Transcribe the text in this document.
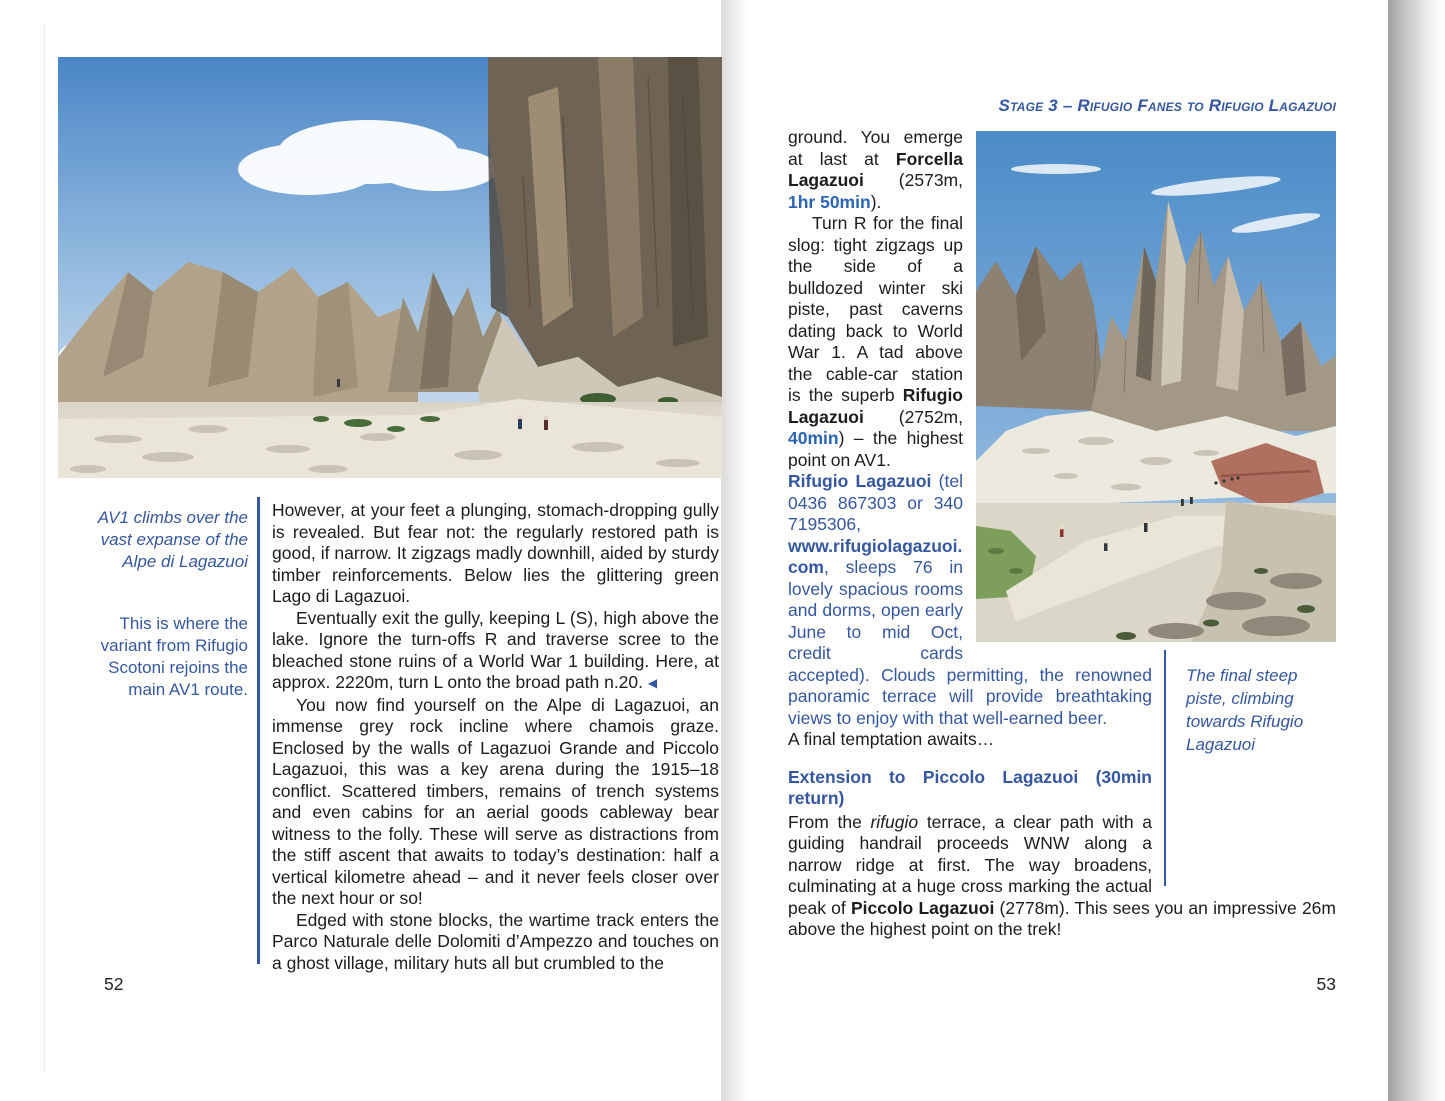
AV1 climbs over the vast expanse of the Alpe di Lagazuoi

This is where the variant from Rifugio Scotoni rejoins the main AV1 route.

However, at your feet a plunging, stomach-dropping gully is revealed. But fear not: the regularly restored path is good, if narrow. It zigzags madly downhill, aided by sturdy timber reinforcements. Below lies the glittering green Lago di Lagazuoi.

Eventually exit the gully, keeping L (S), high above the lake. Ignore the turn-offs R and traverse scree to the bleached stone ruins of a World War 1 building. Here, at approx. 2220m, turn L onto the broad path n.20. ◀

You now find yourself on the Alpe di Lagazuoi, an immense grey rock incline where chamois graze. Enclosed by the walls of Lagazuoi Grande and Piccolo Lagazuoi, this was a key arena during the 1915–18 conflict. Scattered timbers, remains of trench systems and even cabins for an aerial goods cableway bear witness to the folly. These will serve as distractions from the stiff ascent that awaits to today’s destination: half a vertical kilometre ahead – and it never feels closer over the next hour or so!

Edged with stone blocks, the wartime track enters the Parco Naturale delle Dolomiti d’Ampezzo and touches on a ghost village, military huts all but crumbled to the

52
Stage 3 – Rifugio Fanes to Rifugio Lagazuoi

The final steep piste, climbing towards Rifugio Lagazuoi

ground. You emerge at last at Forcella Lagazuoi (2573m, 1hr 50min).

Turn R for the final slog: tight zigzags up the side of a bulldozed winter ski piste, past caverns dating back to World War 1. A tad above the cable-car station is the superb Rifugio Lagazuoi (2752m, 40min) – the highest point on AV1.

Rifugio Lagazuoi (tel 0436 867303 or 340 7195306, www.rifugiolagazuoi.com, sleeps 76 in lovely spacious rooms and dorms, open early June to mid Oct, credit cards accepted). Clouds permitting, the renowned panoramic terrace will provide breathtaking views to enjoy with that well-earned beer.

A final temptation awaits…

Extension to Piccolo Lagazuoi (30min return)

From the rifugio terrace, a clear path with a guiding handrail proceeds WNW along a narrow ridge at first. The way broadens, culminating at a huge cross marking the actual peak of Piccolo Lagazuoi (2778m). This sees you an impressive 26m above the highest point on the trek!

53
